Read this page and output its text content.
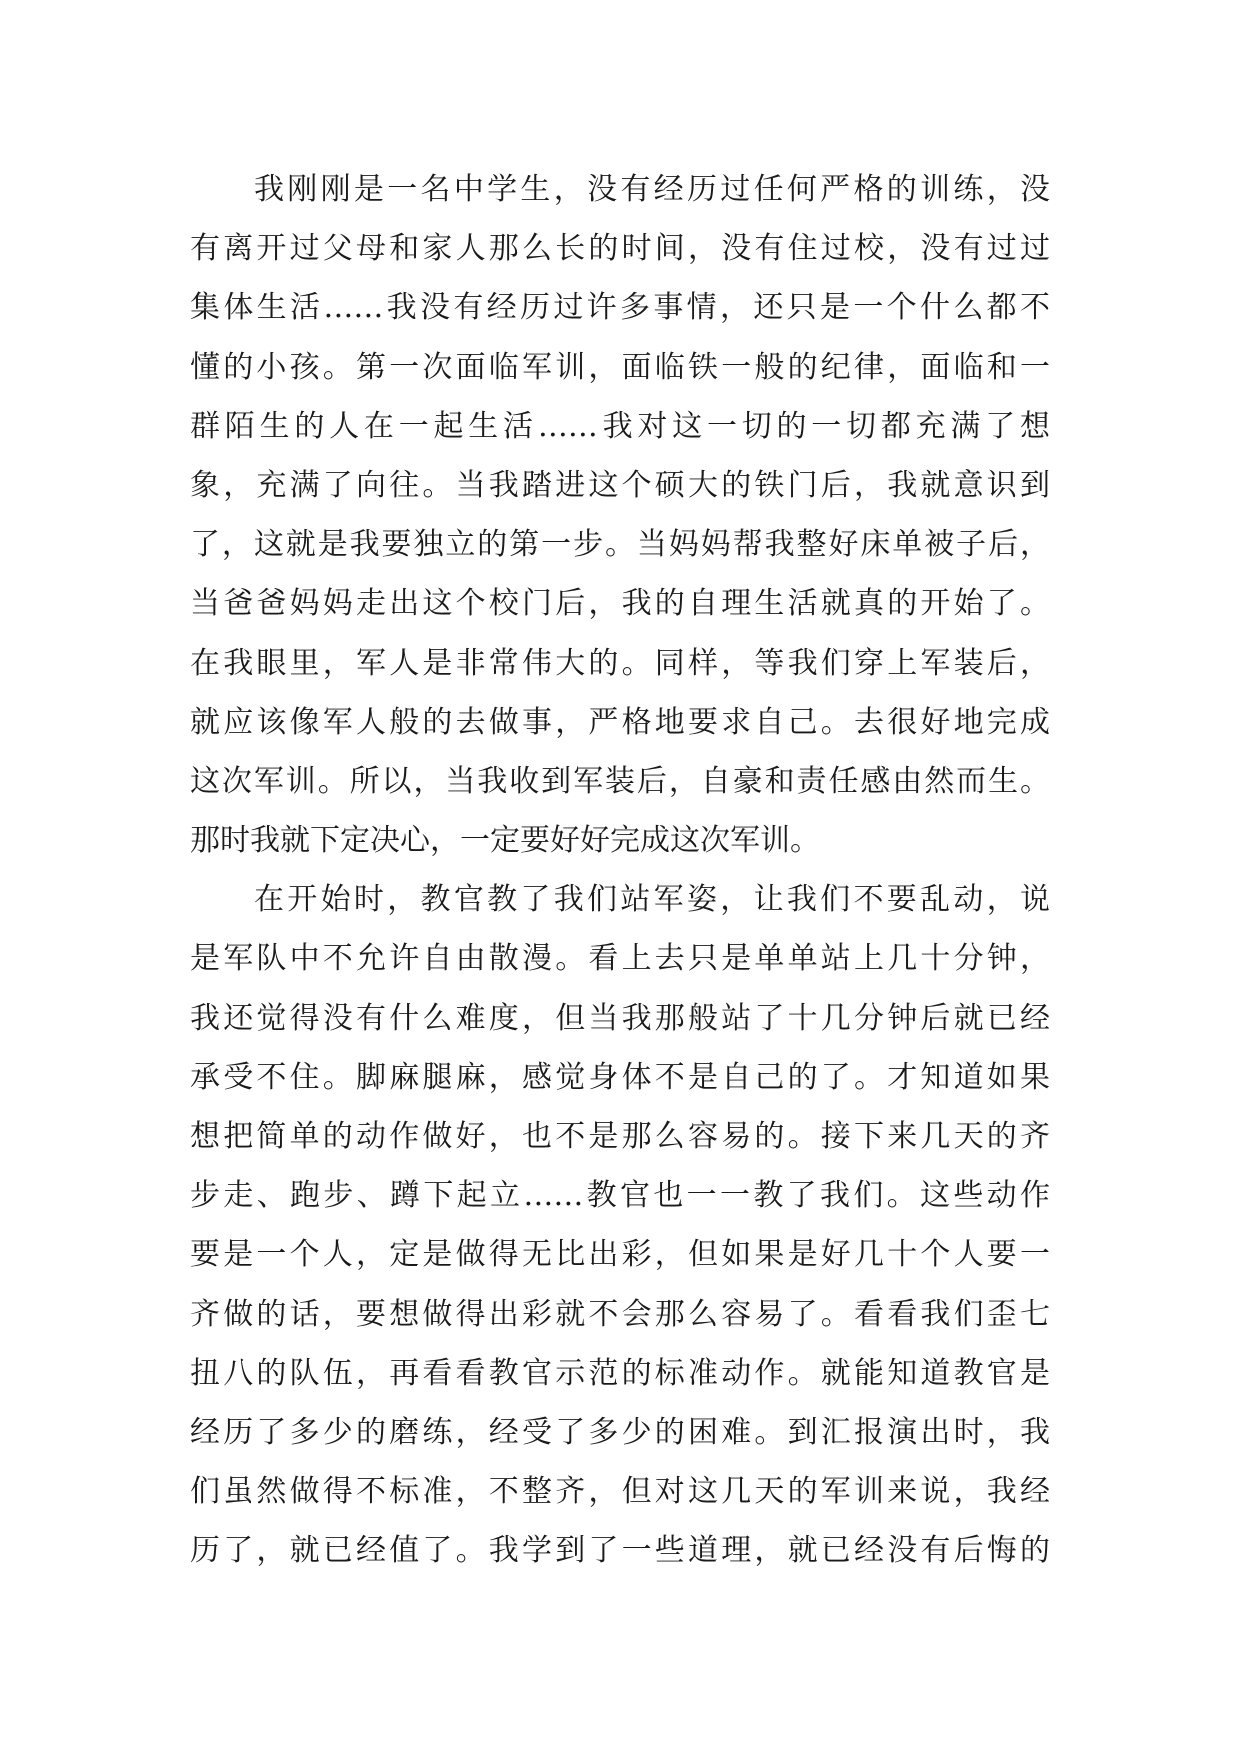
我刚刚是一名中学生，没有经历过任何严格的训练，没
有离开过父母和家人那么长的时间，没有住过校，没有过过
集体生活……我没有经历过许多事情，还只是一个什么都不
懂的小孩。第一次面临军训，面临铁一般的纪律，面临和一
群陌生的人在一起生活……我对这一切的一切都充满了想
象，充满了向往。当我踏进这个硕大的铁门后，我就意识到
了，这就是我要独立的第一步。当妈妈帮我整好床单被子后，
当爸爸妈妈走出这个校门后，我的自理生活就真的开始了。
在我眼里，军人是非常伟大的。同样，等我们穿上军装后，
就应该像军人般的去做事，严格地要求自己。去很好地完成
这次军训。所以，当我收到军装后，自豪和责任感由然而生。
那时我就下定决心，一定要好好完成这次军训。
在开始时，教官教了我们站军姿，让我们不要乱动，说
是军队中不允许自由散漫。看上去只是单单站上几十分钟，
我还觉得没有什么难度，但当我那般站了十几分钟后就已经
承受不住。脚麻腿麻，感觉身体不是自己的了。才知道如果
想把简单的动作做好，也不是那么容易的。接下来几天的齐
步走、跑步、蹲下起立……教官也一一教了我们。这些动作
要是一个人，定是做得无比出彩，但如果是好几十个人要一
齐做的话，要想做得出彩就不会那么容易了。看看我们歪七
扭八的队伍，再看看教官示范的标准动作。就能知道教官是
经历了多少的磨练，经受了多少的困难。到汇报演出时，我
们虽然做得不标准，不整齐，但对这几天的军训来说，我经
历了，就已经值了。我学到了一些道理，就已经没有后悔的
